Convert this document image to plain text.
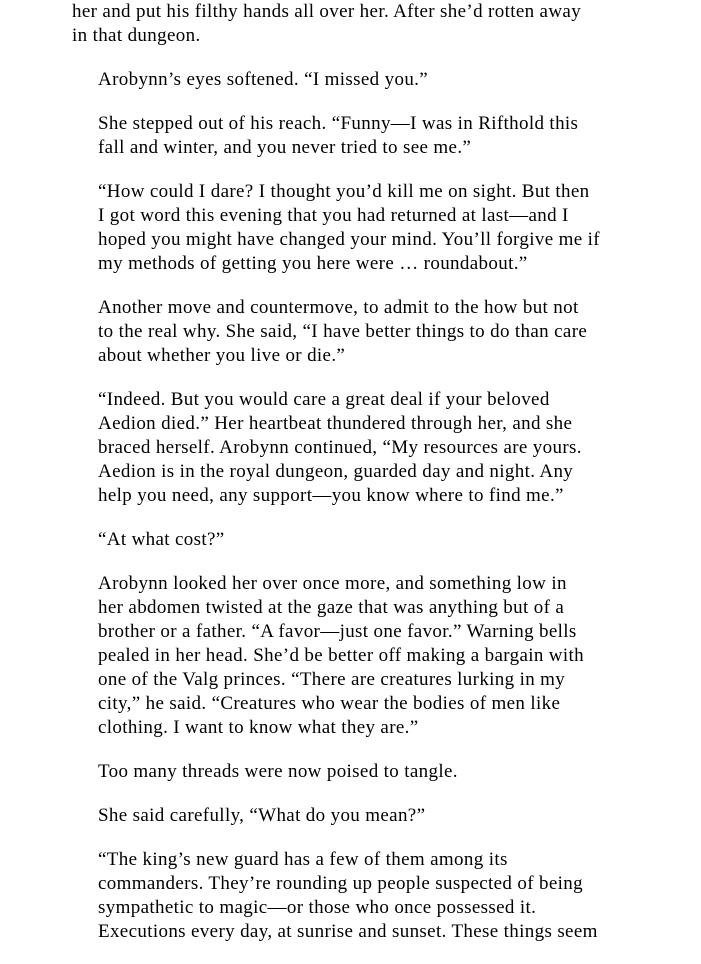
her and put his filthy hands all over her. After she’d rotten away
in that dungeon.
Arobynn’s eyes softened. “I missed you.”
She stepped out of his reach. “Funny—I was in Rifthold this
fall and winter, and you never tried to see me.”
“How could I dare? I thought you’d kill me on sight. But then
I got word this evening that you had returned at last—and I
hoped you might have changed your mind. You’ll forgive me if
my methods of getting you here were … roundabout.”
Another move and countermove, to admit to the how but not
to the real why. She said, “I have better things to do than care
about whether you live or die.”
“Indeed. But you would care a great deal if your beloved
Aedion died.” Her heartbeat thundered through her, and she
braced herself. Arobynn continued, “My resources are yours.
Aedion is in the royal dungeon, guarded day and night. Any
help you need, any support—you know where to find me.”
“At what cost?”
Arobynn looked her over once more, and something low in
her abdomen twisted at the gaze that was anything but of a
brother or a father. “A favor—just one favor.” Warning bells
pealed in her head. She’d be better off making a bargain with
one of the Valg princes. “There are creatures lurking in my
city,” he said. “Creatures who wear the bodies of men like
clothing. I want to know what they are.”
Too many threads were now poised to tangle.
She said carefully, “What do you mean?”
“The king’s new guard has a few of them among its
commanders. They’re rounding up people suspected of being
sympathetic to magic—or those who once possessed it.
Executions every day, at sunrise and sunset. These things seem
